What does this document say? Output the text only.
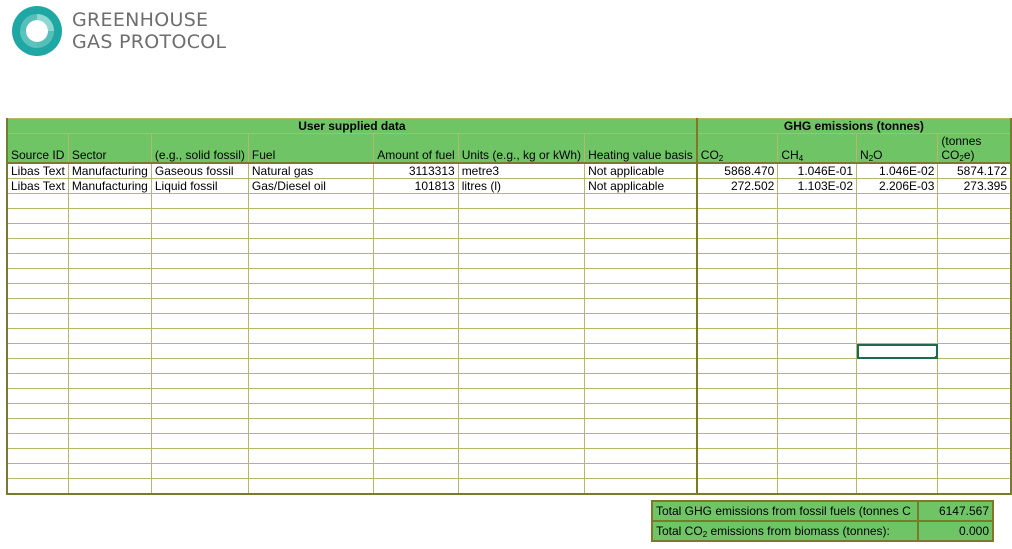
GREENHOUSE
GAS PROTOCOL
User supplied data							GHG emissions (tonnes)			
Source ID	Sector	(e.g., solid fossil)	Fuel	Amount of fuel	Units (e.g., kg or kWh)	Heating value basis	$CO_2$	$CH_4$	$N_2O$	(tonnes
$CO_2e$)
Libas Text	Manufacturing	Gaseous fossil	Natural gas	3113313	metre3	Not applicable	5868.470	1.046E-01	1.046E-02	5874.172
Libas Text	Manufacturing	Liquid fossil	Gas/Diesel oil	101813	litres (l)	Not applicable	272.502	1.103E-02	2.206E-03	273.395

Total GHG emissions from fossil fuels (tonnes C	6147.567
Total $CO_2$ emissions from biomass (tonnes):	0.000
